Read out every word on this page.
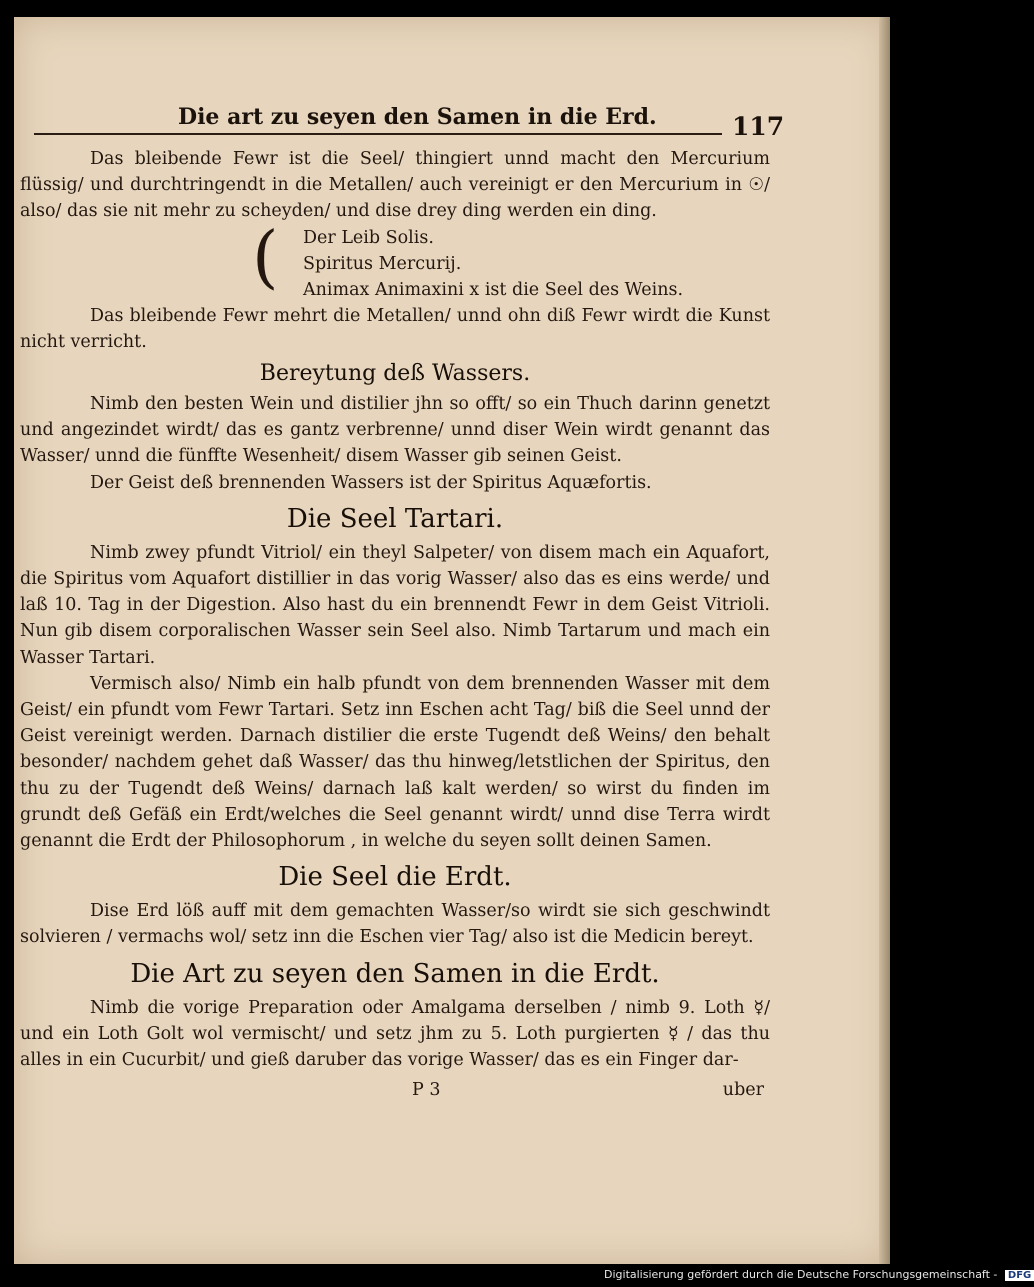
Die art zu seyen den Samen in die Erd.	117

Das bleibende Fewr ist die Seel/ thingiert unnd macht den Mercurium flüssig/ und durchtringendt in die Metallen/ auch vereinigt er den Mercurium in ☉/ also/ das sie nit mehr zu scheyden/ und dise drey ding werden ein ding.

( Der Leib Solis.

Spiritus Mercurij.

Animax Animaxini x ist die Seel des Weins.

Das bleibende Fewr mehrt die Metallen/ unnd ohn diß Fewr wirdt die Kunst nicht verricht.

Bereytung deß Wassers.

Nimb den besten Wein und distilier jhn so offt/ so ein Thuch darinn genetzt und angezindet wirdt/ das es gantz verbrenne/ unnd diser Wein wirdt genannt das Wasser/ unnd die fünffte Wesenheit/ disem Wasser gib seinen Geist.

Der Geist deß brennenden Wassers ist der Spiritus Aquæfortis.

Die Seel Tartari.

Nimb zwey pfundt Vitriol/ ein theyl Salpeter/ von disem mach ein Aquafort, die Spiritus vom Aquafort distillier in das vorig Wasser/ also das es eins werde/ und laß 10. Tag in der Digestion. Also hast du ein brennendt Fewr in dem Geist Vitrioli. Nun gib disem corporalischen Wasser sein Seel also. Nimb Tartarum und mach ein Wasser Tartari.

Vermisch also/ Nimb ein halb pfundt von dem brennenden Wasser mit dem Geist/ ein pfundt vom Fewr Tartari. Setz inn Eschen acht Tag/ biß die Seel unnd der Geist vereinigt werden. Darnach distilier die erste Tugendt deß Weins/ den behalt besonder/ nachdem gehet daß Wasser/ das thu hinweg/letstlichen der Spiritus, den thu zu der Tugendt deß Weins/ darnach laß kalt werden/ so wirst du finden im grundt deß Gefäß ein Erdt/welches die Seel genannt wirdt/ unnd dise Terra wirdt genannt die Erdt der Philosophorum , in welche du seyen sollt deinen Samen.

Die Seel die Erdt.

Dise Erd löß auff mit dem gemachten Wasser/so wirdt sie sich geschwindt solvieren / vermachs wol/ setz inn die Eschen vier Tag/ also ist die Medicin bereyt.

Die Art zu seyen den Samen in die Erdt.

Nimb die vorige Preparation oder Amalgama derselben / nimb 9. Loth ☿/ und ein Loth Golt wol vermischt/ und setz jhm zu 5. Loth purgierten ☿ / das thu alles in ein Cucurbit/ und gieß daruber das vorige Wasser/ das es ein Finger dar-

P 3	uber
Digitalisierung gefördert durch die Deutsche Forschungsgemeinschaft - DFG
